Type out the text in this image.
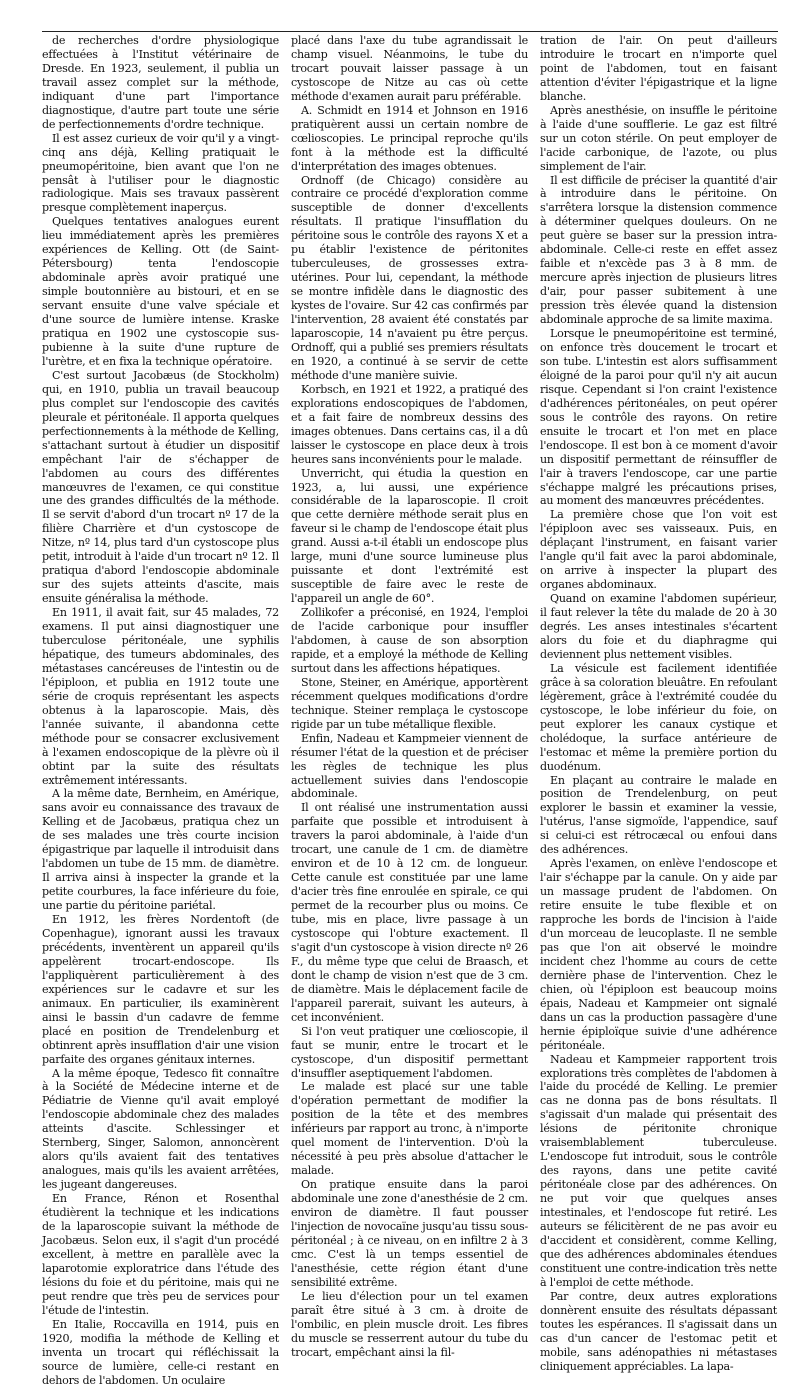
de recherches d'ordre physiologique effectuées à l'Institut vétérinaire de Dresde. En 1923, seulement, il publia un travail assez complet sur la méthode, indiquant d'une part l'importance diagnostique, d'autre part toute une série de perfectionnements d'ordre technique.

Il est assez curieux de voir qu'il y a vingt-cinq ans déjà, Kelling pratiquait le pneumopéritoine, bien avant que l'on ne pensât à l'utiliser pour le diagnostic radiologique. Mais ses travaux passèrent presque complètement inaperçus.

Quelques tentatives analogues eurent lieu immédiatement après les premières expériences de Kelling. Ott (de Saint-Pétersbourg) tenta l'endoscopie abdominale après avoir pratiqué une simple boutonnière au bistouri, et en se servant ensuite d'une valve spéciale et d'une source de lumière intense. Kraske pratiqua en 1902 une cystoscopie sus-pubienne à la suite d'une rupture de l'urètre, et en fixa la technique opératoire.

C'est surtout Jacobæus (de Stockholm) qui, en 1910, publia un travail beaucoup plus complet sur l'endoscopie des cavités pleurale et péritonéale. Il apporta quelques perfectionnements à la méthode de Kelling, s'attachant surtout à étudier un dispositif empêchant l'air de s'échapper de l'abdomen au cours des différentes manœuvres de l'examen, ce qui constitue une des grandes difficultés de la méthode. Il se servit d'abord d'un trocart nº 17 de la filière Charrière et d'un cystoscope de Nitze, nº 14, plus tard d'un cystoscope plus petit, introduit à l'aide d'un trocart nº 12. Il pratiqua d'abord l'endoscopie abdominale sur des sujets atteints d'ascite, mais ensuite généralisa la méthode.

En 1911, il avait fait, sur 45 malades, 72 examens. Il put ainsi diagnostiquer une tuberculose péritonéale, une syphilis hépatique, des tumeurs abdominales, des métastases cancéreuses de l'intestin ou de l'épiploon, et publia en 1912 toute une série de croquis représentant les aspects obtenus à la laparoscopie. Mais, dès l'année suivante, il abandonna cette méthode pour se consacrer exclusivement à l'examen endoscopique de la plèvre où il obtint par la suite des résultats extrêmement intéressants.

A la même date, Bernheim, en Amérique, sans avoir eu connaissance des travaux de Kelling et de Jacobæus, pratiqua chez un de ses malades une très courte incision épigastrique par laquelle il introduisit dans l'abdomen un tube de 15 mm. de diamètre. Il arriva ainsi à inspecter la grande et la petite courbures, la face inférieure du foie, une partie du péritoine pariétal.

En 1912, les frères Nordentoft (de Copenhague), ignorant aussi les travaux précédents, inventèrent un appareil qu'ils appelèrent trocart-endoscope. Ils l'appliquèrent particulièrement à des expériences sur le cadavre et sur les animaux. En particulier, ils examinèrent ainsi le bassin d'un cadavre de femme placé en position de Trendelenburg et obtinrent après insufflation d'air une vision parfaite des organes génitaux internes.

A la même époque, Tedesco fit connaître à la Société de Médecine interne et de Pédiatrie de Vienne qu'il avait employé l'endoscopie abdominale chez des malades atteints d'ascite. Schlessinger et Sternberg, Singer, Salomon, annoncèrent alors qu'ils avaient fait des tentatives analogues, mais qu'ils les avaient arrêtées, les jugeant dangereuses.

En France, Rénon et Rosenthal étudièrent la technique et les indications de la laparoscopie suivant la méthode de Jacobæus. Selon eux, il s'agit d'un procédé excellent, à mettre en parallèle avec la laparotomie exploratrice dans l'étude des lésions du foie et du péritoine, mais qui ne peut rendre que très peu de services pour l'étude de l'intestin.

En Italie, Roccavilla en 1914, puis en 1920, modifia la méthode de Kelling et inventa un trocart qui réfléchissait la source de lumière, celle-ci restant en dehors de l'abdomen. Un oculaire

placé dans l'axe du tube agrandissait le champ visuel. Néanmoins, le tube du trocart pouvait laisser passage à un cystoscope de Nitze au cas où cette méthode d'examen aurait paru préférable.

A. Schmidt en 1914 et Johnson en 1916 pratiquèrent aussi un certain nombre de cœlioscopies. Le principal reproche qu'ils font à la méthode est la difficulté d'interprétation des images obtenues.

Ordnoff (de Chicago) considère au contraire ce procédé d'exploration comme susceptible de donner d'excellents résultats. Il pratique l'insufflation du péritoine sous le contrôle des rayons X et a pu établir l'existence de péritonites tuberculeuses, de grossesses extra-utérines. Pour lui, cependant, la méthode se montre infidèle dans le diagnostic des kystes de l'ovaire. Sur 42 cas confirmés par l'intervention, 28 avaient été constatés par laparoscopie, 14 n'avaient pu être perçus. Ordnoff, qui a publié ses premiers résultats en 1920, a continué à se servir de cette méthode d'une manière suivie.

Korbsch, en 1921 et 1922, a pratiqué des explorations endoscopiques de l'abdomen, et a fait faire de nombreux dessins des images obtenues. Dans certains cas, il a dû laisser le cystoscope en place deux à trois heures sans inconvénients pour le malade.

Unverricht, qui étudia la question en 1923, a, lui aussi, une expérience considérable de la laparoscopie. Il croit que cette dernière méthode serait plus en faveur si le champ de l'endoscope était plus grand. Aussi a-t-il établi un endoscope plus large, muni d'une source lumineuse plus puissante et dont l'extrémité est susceptible de faire avec le reste de l'appareil un angle de 60°.

Zollikofer a préconisé, en 1924, l'emploi de l'acide carbonique pour insuffler l'abdomen, à cause de son absorption rapide, et a employé la méthode de Kelling surtout dans les affections hépatiques.

Stone, Steiner, en Amérique, apportèrent récemment quelques modifications d'ordre technique. Steiner remplaça le cystoscope rigide par un tube métallique flexible.

Enfin, Nadeau et Kampmeier viennent de résumer l'état de la question et de préciser les règles de technique les plus actuellement suivies dans l'endoscopie abdominale.

Il ont réalisé une instrumentation aussi parfaite que possible et introduisent à travers la paroi abdominale, à l'aide d'un trocart, une canule de 1 cm. de diamètre environ et de 10 à 12 cm. de longueur. Cette canule est constituée par une lame d'acier très fine enroulée en spirale, ce qui permet de la recourber plus ou moins. Ce tube, mis en place, livre passage à un cystoscope qui l'obture exactement. Il s'agit d'un cystoscope à vision directe nº 26 F., du même type que celui de Braasch, et dont le champ de vision n'est que de 3 cm. de diamètre. Mais le déplacement facile de l'appareil parerait, suivant les auteurs, à cet inconvénient.

Si l'on veut pratiquer une cœlioscopie, il faut se munir, entre le trocart et le cystoscope, d'un dispositif permettant d'insuffler aseptiquement l'abdomen.

Le malade est placé sur une table d'opération permettant de modifier la position de la tête et des membres inférieurs par rapport au tronc, à n'importe quel moment de l'intervention. D'où la nécessité à peu près absolue d'attacher le malade.

On pratique ensuite dans la paroi abdominale une zone d'anesthésie de 2 cm. environ de diamètre. Il faut pousser l'injection de novocaïne jusqu'au tissu sous-péritonéal ; à ce niveau, on en infiltre 2 à 3 cmc. C'est là un temps essentiel de l'anesthésie, cette région étant d'une sensibilité extrême.

Le lieu d'élection pour un tel examen paraît être situé à 3 cm. à droite de l'ombilic, en plein muscle droit. Les fibres du muscle se resserrent autour du tube du trocart, empêchant ainsi la fil-

tration de l'air. On peut d'ailleurs introduire le trocart en n'importe quel point de l'abdomen, tout en faisant attention d'éviter l'épigastrique et la ligne blanche.

Après anesthésie, on insuffle le péritoine à l'aide d'une soufflerie. Le gaz est filtré sur un coton stérile. On peut employer de l'acide carbonique, de l'azote, ou plus simplement de l'air.

Il est difficile de préciser la quantité d'air à introduire dans le péritoine. On s'arrêtera lorsque la distension commence à déterminer quelques douleurs. On ne peut guère se baser sur la pression intra-abdominale. Celle-ci reste en effet assez faible et n'excède pas 3 à 8 mm. de mercure après injection de plusieurs litres d'air, pour passer subitement à une pression très élevée quand la distension abdominale approche de sa limite maxima.

Lorsque le pneumopéritoine est terminé, on enfonce très doucement le trocart et son tube. L'intestin est alors suffisamment éloigné de la paroi pour qu'il n'y ait aucun risque. Cependant si l'on craint l'existence d'adhérences péritonéales, on peut opérer sous le contrôle des rayons. On retire ensuite le trocart et l'on met en place l'endoscope. Il est bon à ce moment d'avoir un dispositif permettant de réinsuffler de l'air à travers l'endoscope, car une partie s'échappe malgré les précautions prises, au moment des manœuvres précédentes.

La première chose que l'on voit est l'épiploon avec ses vaisseaux. Puis, en déplaçant l'instrument, en faisant varier l'angle qu'il fait avec la paroi abdominale, on arrive à inspecter la plupart des organes abdominaux.

Quand on examine l'abdomen supérieur, il faut relever la tête du malade de 20 à 30 degrés. Les anses intestinales s'écartent alors du foie et du diaphragme qui deviennent plus nettement visibles.

La vésicule est facilement identifiée grâce à sa coloration bleuâtre. En refoulant légèrement, grâce à l'extrémité coudée du cystoscope, le lobe inférieur du foie, on peut explorer les canaux cystique et cholédoque, la surface antérieure de l'estomac et même la première portion du duodénum.

En plaçant au contraire le malade en position de Trendelenburg, on peut explorer le bassin et examiner la vessie, l'utérus, l'anse sigmoïde, l'appendice, sauf si celui-ci est rétrocæcal ou enfoui dans des adhérences.

Après l'examen, on enlève l'endoscope et l'air s'échappe par la canule. On y aide par un massage prudent de l'abdomen. On retire ensuite le tube flexible et on rapproche les bords de l'incision à l'aide d'un morceau de leucoplaste. Il ne semble pas que l'on ait observé le moindre incident chez l'homme au cours de cette dernière phase de l'intervention. Chez le chien, où l'épiploon est beaucoup moins épais, Nadeau et Kampmeier ont signalé dans un cas la production passagère d'une hernie épiploïque suivie d'une adhérence péritonéale.

Nadeau et Kampmeier rapportent trois explorations très complètes de l'abdomen à l'aide du procédé de Kelling. Le premier cas ne donna pas de bons résultats. Il s'agissait d'un malade qui présentait des lésions de péritonite chronique vraisemblablement tuberculeuse. L'endoscope fut introduit, sous le contrôle des rayons, dans une petite cavité péritonéale close par des adhérences. On ne put voir que quelques anses intestinales, et l'endoscope fut retiré. Les auteurs se félicitèrent de ne pas avoir eu d'accident et considèrent, comme Kelling, que des adhérences abdominales étendues constituent une contre-indication très nette à l'emploi de cette méthode.

Par contre, deux autres explorations donnèrent ensuite des résultats dépassant toutes les espérances. Il s'agissait dans un cas d'un cancer de l'estomac petit et mobile, sans adénopathies ni métastases cliniquement appréciables. La lapa-
